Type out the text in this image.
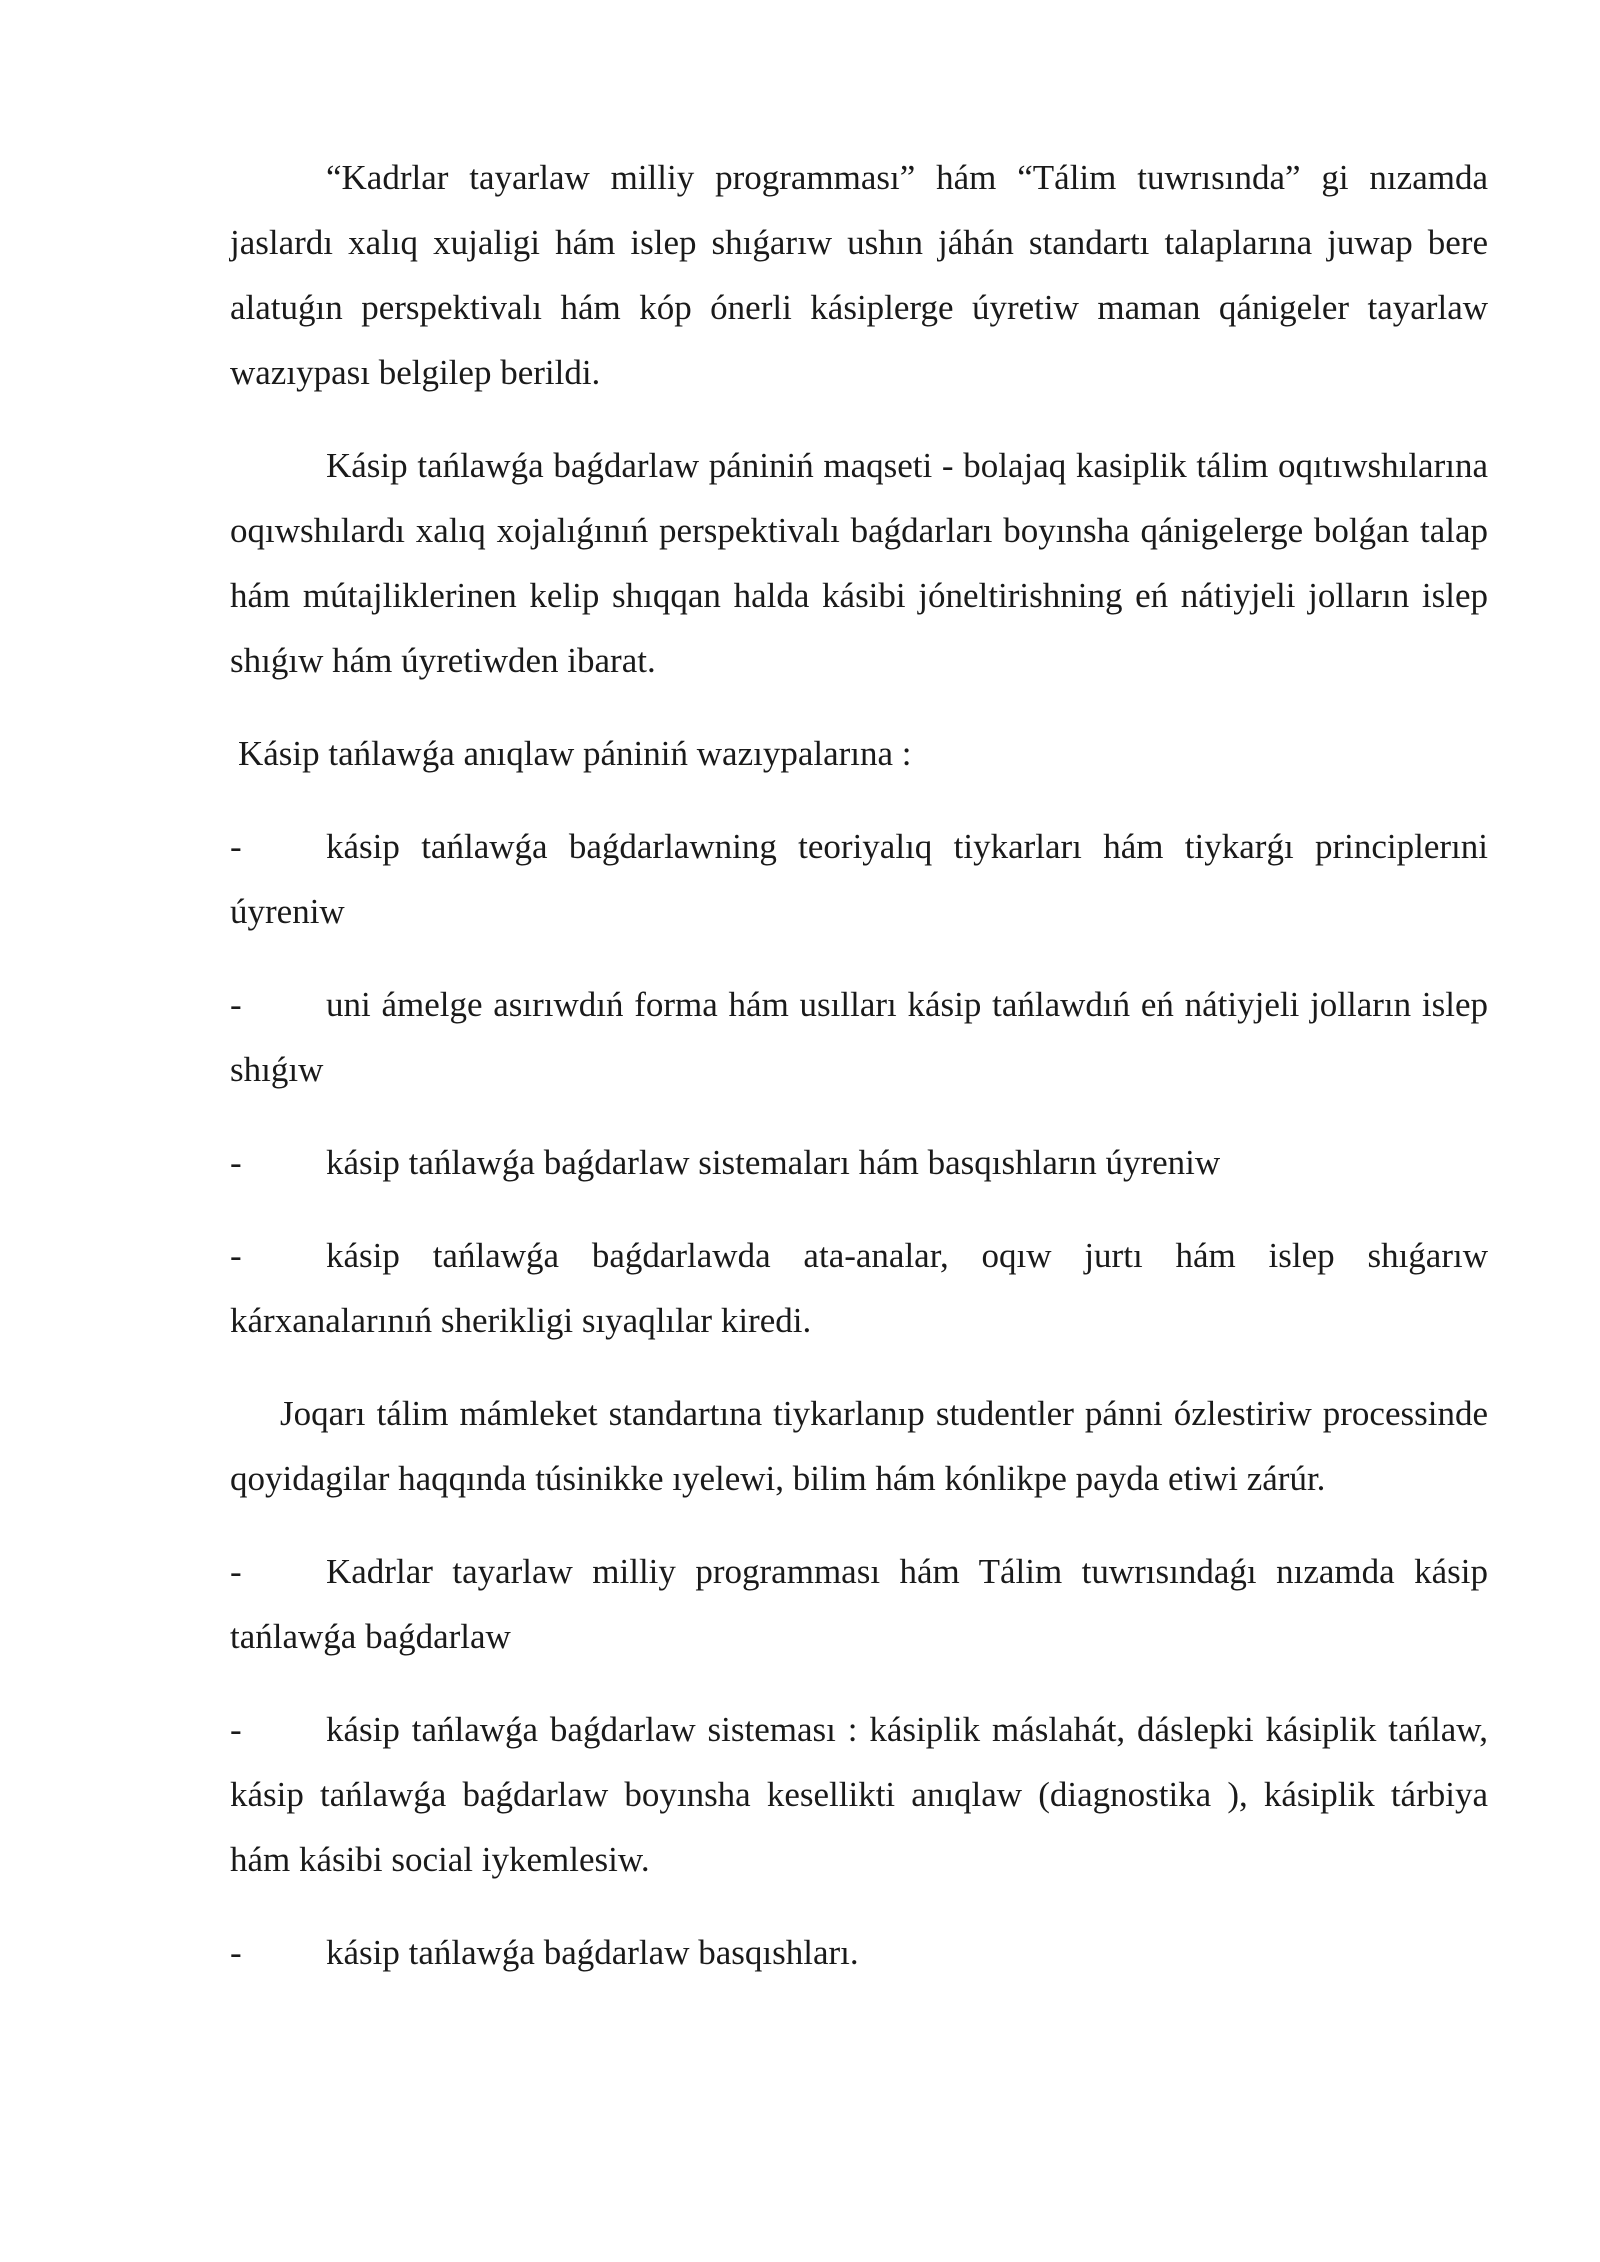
“Kadrlar tayarlaw milliy programması” hám “Tálim tuwrısında” gi nızamda jaslardı xalıq xujaligi hám islep shıǵarıw ushın jáhán standartı talaplarına juwap bere alatuǵın perspektivalı hám kóp ónerli kásiplerge úyretiw maman qánigeler tayarlaw wazıypası belgilep berildi.

Kásip tańlawǵa baǵdarlaw pániniń maqseti - bolajaq kasiplik tálim oqıtıwshılarına oqıwshılardı xalıq xojalıǵınıń perspektivalı baǵdarları boyınsha qánigelerge bolǵan talap hám mútajliklerinen kelip shıqqan halda kásibi jóneltirishning eń nátiyjeli jolların islep shıǵıw hám úyretiwden ibarat.

Kásip tańlawǵa anıqlaw pániniń wazıypalarına :

- kásip tańlawǵa baǵdarlawning teoriyalıq tiykarları hám tiykarǵı principlerıni úyreniw

- uni ámelge asırıwdıń forma hám usılları kásip tańlawdıń eń nátiyjeli jolların islep shıǵıw

- kásip tańlawǵa baǵdarlaw sistemaları hám basqıshların úyreniw

- kásip tańlawǵa baǵdarlawda ata-analar, oqıw jurtı hám islep shıǵarıw kárxanalarınıń sherikligi sıyaqlılar kiredi.

Joqarı tálim mámleket standartına tiykarlanıp studentler pánni ózlestiriw processinde qoyidagilar haqqında túsinikke ıyelewi, bilim hám kónlikpe payda etiwi zárúr.

- Kadrlar tayarlaw milliy programması hám Tálim tuwrısındaǵı nızamda kásip tańlawǵa baǵdarlaw

- kásip tańlawǵa baǵdarlaw sisteması : kásiplik máslahát, dáslepki kásiplik tańlaw, kásip tańlawǵa baǵdarlaw boyınsha kesellikti anıqlaw (diagnostika ), kásiplik tárbiya hám kásibi social iykemlesiw.

- kásip tańlawǵa baǵdarlaw basqıshları.
